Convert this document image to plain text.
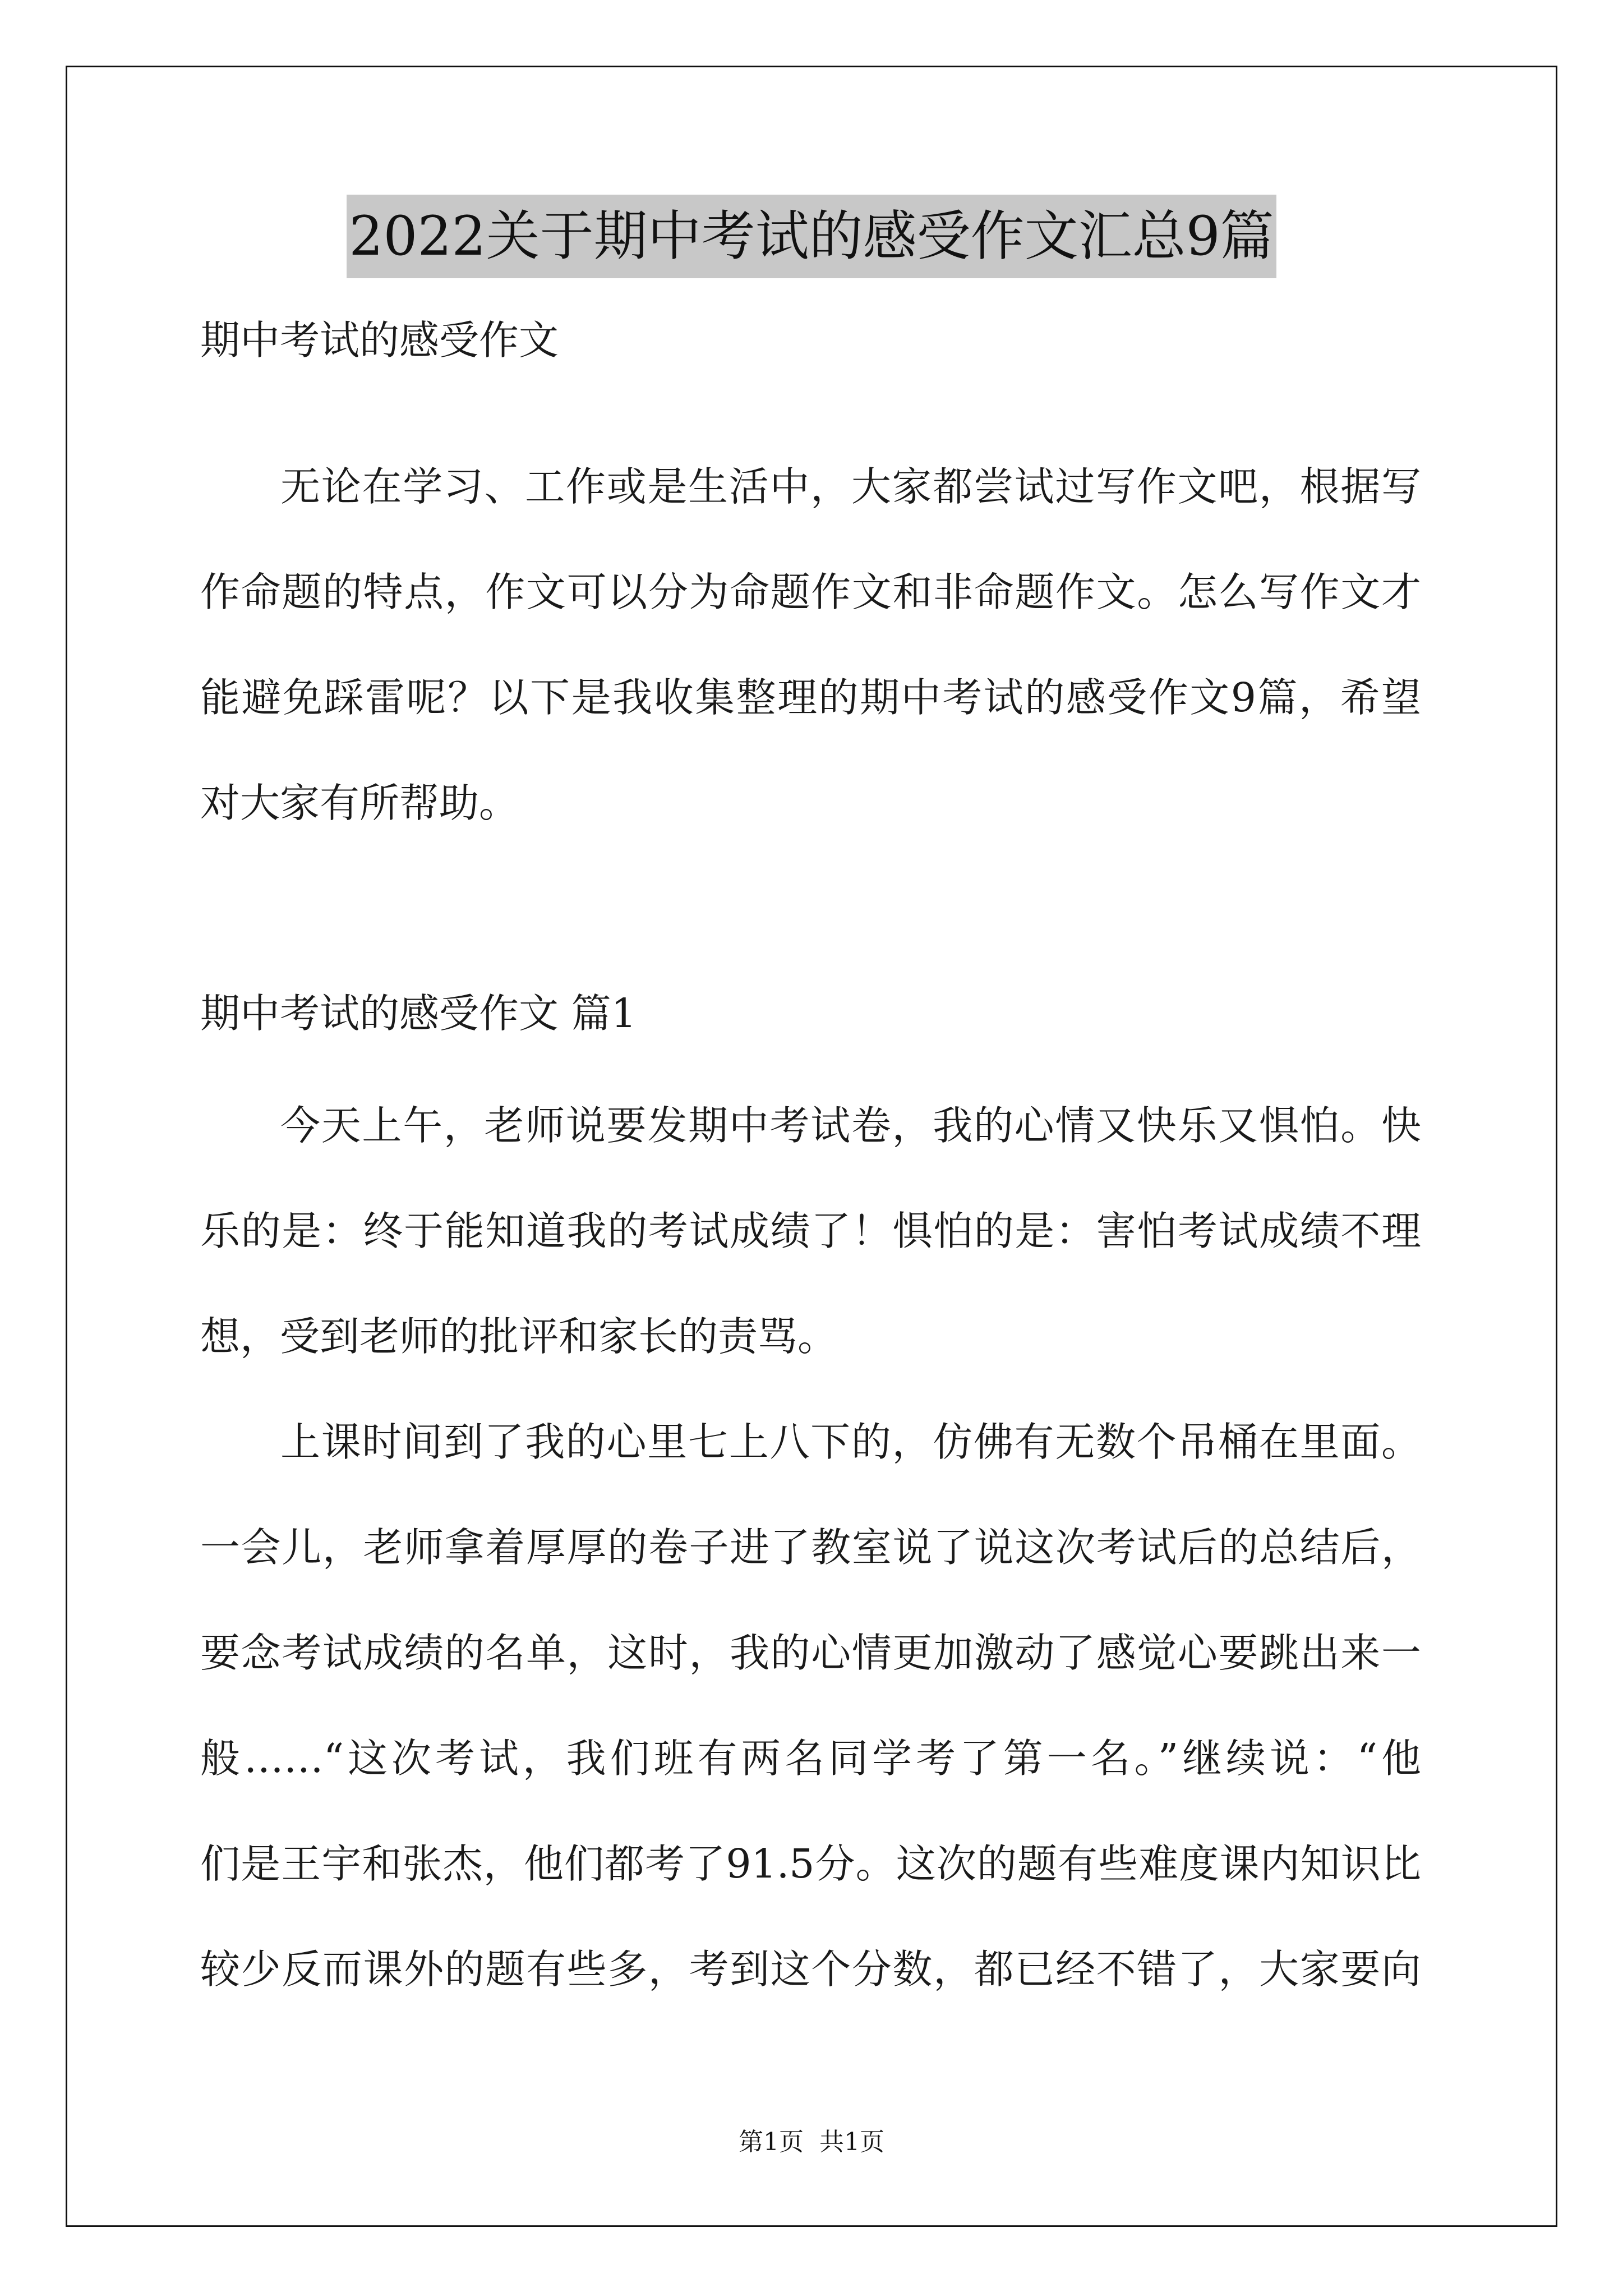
2022关于期中考试的感受作文汇总9篇
期中考试的感受作文
无论在学习、工作或是生活中，大家都尝试过写作文吧，根据写
作命题的特点，作文可以分为命题作文和非命题作文。怎么写作文才
能避免踩雷呢？以下是我收集整理的期中考试的感受作文9篇，希望
对大家有所帮助。
期中考试的感受作文 篇1
今天上午，老师说要发期中考试卷，我的心情又快乐又惧怕。快
乐的是：终于能知道我的考试成绩了！惧怕的是：害怕考试成绩不理
想，受到老师的批评和家长的责骂。
上课时间到了我的心里七上八下的，仿佛有无数个吊桶在里面。
一会儿，老师拿着厚厚的卷子进了教室说了说这次考试后的总结后，
要念考试成绩的名单，这时，我的心情更加激动了感觉心要跳出来一
般……“这次考试，我们班有两名同学考了第一名。”继续说：“他
们是王宇和张杰，他们都考了91.5分。这次的题有些难度课内知识比
较少反而课外的题有些多，考到这个分数，都已经不错了，大家要向
第1页  共1页
